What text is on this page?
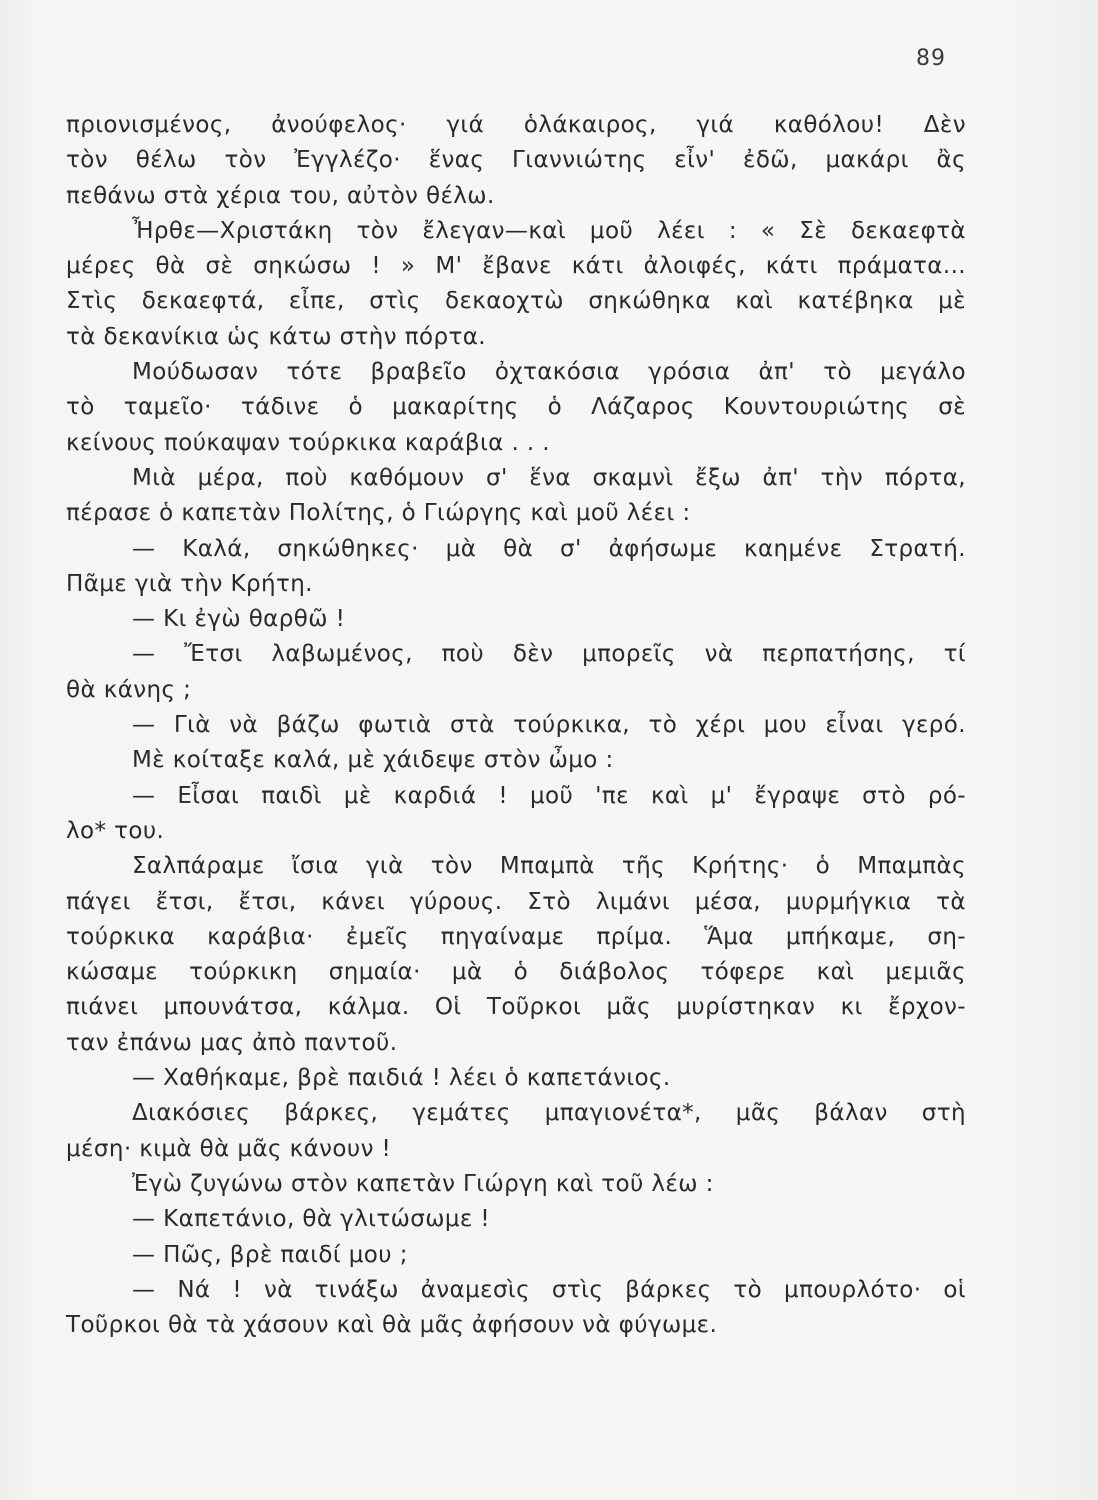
89
πριονισμένος, ἀνούφελος· γιά ὁλάκαιρος, γιά καθόλου! Δὲν
τὸν θέλω τὸν Ἐγγλέζο· ἕνας Γιαννιώτης εἶν' ἐδῶ, μακάρι ἂς
πεθάνω στὰ χέρια του, αὐτὸν θέλω.
Ἦρθε—Χριστάκη τὸν ἔλεγαν—καὶ μοῦ λέει : « Σὲ δεκαεφτὰ
μέρες θὰ σὲ σηκώσω ! » Μ' ἔβανε κάτι ἀλοιφές, κάτι πράματα...
Στὶς δεκαεφτά, εἶπε, στὶς δεκαοχτὼ σηκώθηκα καὶ κατέβηκα μὲ
τὰ δεκανίκια ὡς κάτω στὴν πόρτα.
Μούδωσαν τότε βραβεῖο ὀχτακόσια γρόσια ἀπ' τὸ μεγάλο
τὸ ταμεῖο· τάδινε ὁ μακαρίτης ὁ Λάζαρος Κουντουριώτης σὲ
κείνους πούκαψαν τούρκικα καράβια . . .
Μιὰ μέρα, ποὺ καθόμουν σ' ἕνα σκαμνὶ ἔξω ἀπ' τὴν πόρτα,
πέρασε ὁ καπετὰν Πολίτης, ὁ Γιώργης καὶ μοῦ λέει :
— Καλά, σηκώθηκες· μὰ θὰ σ' ἀφήσωμε καημένε Στρατή.
Πᾶμε γιὰ τὴν Κρήτη.
— Κι ἐγὼ θαρθῶ !
— Ἔτσι λαβωμένος, ποὺ δὲν μπορεῖς νὰ περπατήσης, τί
θὰ κάνης ;
— Γιὰ νὰ βάζω φωτιὰ στὰ τούρκικα, τὸ χέρι μου εἶναι γερό.
Μὲ κοίταξε καλά, μὲ χάιδεψε στὸν ὦμο :
— Εἶσαι παιδὶ μὲ καρδιά ! μοῦ 'πε καὶ μ' ἔγραψε στὸ ρό-
λο* του.
Σαλπάραμε ἴσια γιὰ τὸν Μπαμπὰ τῆς Κρήτης· ὁ Μπαμπὰς
πάγει ἔτσι, ἔτσι, κάνει γύρους. Στὸ λιμάνι μέσα, μυρμήγκια τὰ
τούρκικα καράβια· ἐμεῖς πηγαίναμε πρίμα. Ἅμα μπήκαμε, ση-
κώσαμε τούρκικη σημαία· μὰ ὁ διάβολος τόφερε καὶ μεμιᾶς
πιάνει μπουνάτσα, κάλμα. Οἱ Τοῦρκοι μᾶς μυρίστηκαν κι ἔρχον-
ταν ἐπάνω μας ἀπὸ παντοῦ.
— Χαθήκαμε, βρὲ παιδιά ! λέει ὁ καπετάνιος.
Διακόσιες βάρκες, γεμάτες μπαγιονέτα*, μᾶς βάλαν στὴ
μέση· κιμὰ θὰ μᾶς κάνουν !
Ἐγὼ ζυγώνω στὸν καπετὰν Γιώργη καὶ τοῦ λέω :
— Καπετάνιο, θὰ γλιτώσωμε !
— Πῶς, βρὲ παιδί μου ;
— Νά ! νὰ τινάξω ἀναμεσὶς στὶς βάρκες τὸ μπουρλότο· οἱ
Τοῦρκοι θὰ τὰ χάσουν καὶ θὰ μᾶς ἀφήσουν νὰ φύγωμε.
